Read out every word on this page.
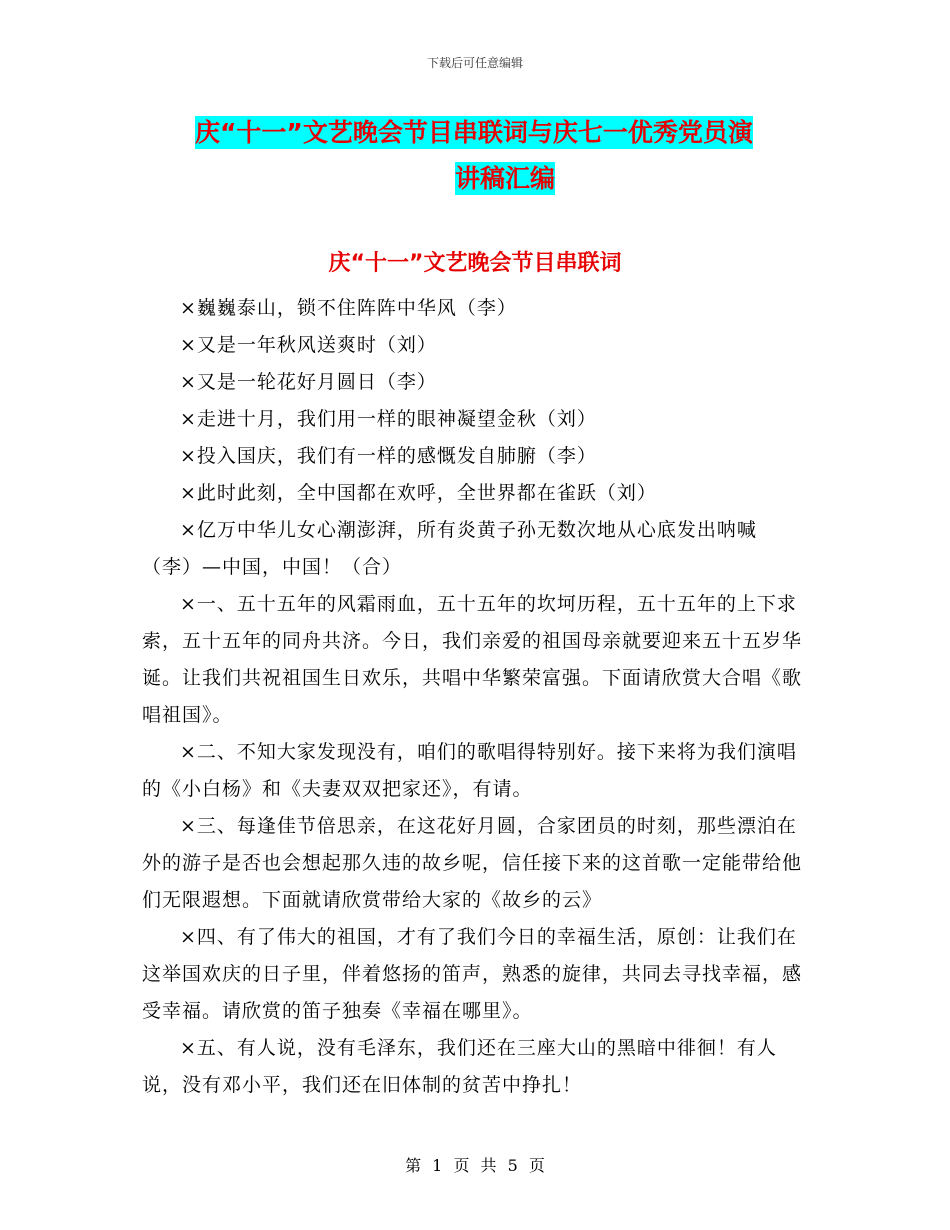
下载后可任意编辑
庆“十一”文艺晚会节目串联词与庆七一优秀党员演
讲稿汇编
庆“十一”文艺晚会节目串联词

×巍巍泰山，锁不住阵阵中华风（李）

×又是一年秋风送爽时（刘）

×又是一轮花好月圆日（李）

×走进十月，我们用一样的眼神凝望金秋（刘）

×投入国庆，我们有一样的感慨发自肺腑（李）

×此时此刻，全中国都在欢呼，全世界都在雀跃（刘）

×亿万中华儿女心潮澎湃，所有炎黄子孙无数次地从心底发出呐喊（李）—中国，中国！（合）

×一、五十五年的风霜雨血，五十五年的坎坷历程，五十五年的上下求索，五十五年的同舟共济。今日，我们亲爱的祖国母亲就要迎来五十五岁华诞。让我们共祝祖国生日欢乐，共唱中华繁荣富强。下面请欣赏大合唱《歌唱祖国》。

×二、不知大家发现没有，咱们的歌唱得特别好。接下来将为我们演唱的《小白杨》和《夫妻双双把家还》，有请。

×三、每逢佳节倍思亲，在这花好月圆，合家团员的时刻，那些漂泊在外的游子是否也会想起那久违的故乡呢，信任接下来的这首歌一定能带给他们无限遐想。下面就请欣赏带给大家的《故乡的云》

×四、有了伟大的祖国，才有了我们今日的幸福生活，原创：让我们在这举国欢庆的日子里，伴着悠扬的笛声，熟悉的旋律，共同去寻找幸福，感受幸福。请欣赏的笛子独奏《幸福在哪里》。

×五、有人说，没有毛泽东，我们还在三座大山的黑暗中徘徊！有人说，没有邓小平，我们还在旧体制的贫苦中挣扎！

第 1 页 共 5 页
